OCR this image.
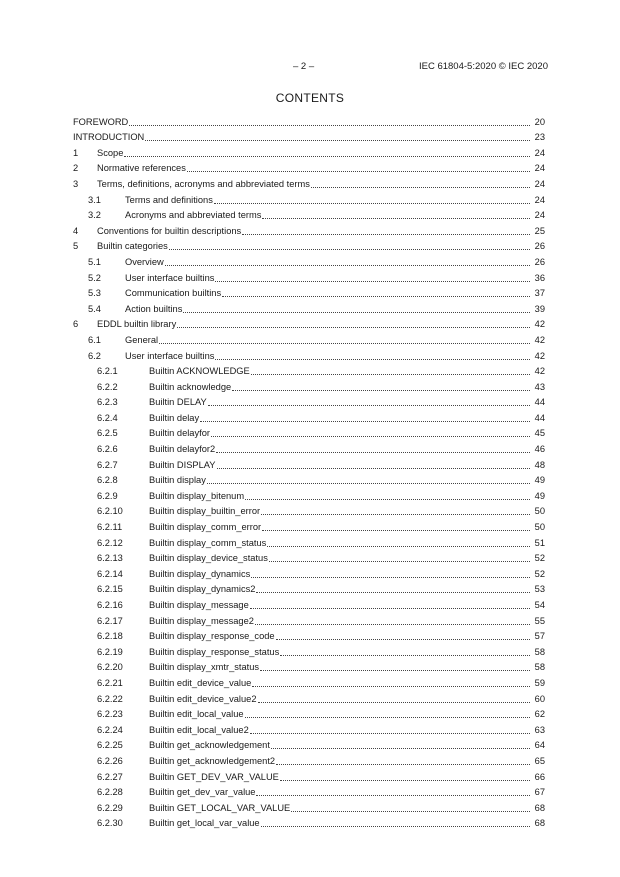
– 2 –	IEC 61804-5:2020 © IEC 2020
CONTENTS
FOREWORD	20
INTRODUCTION	23
1	Scope	24
2	Normative references	24
3	Terms, definitions, acronyms and abbreviated terms	24
3.1	Terms and definitions	24
3.2	Acronyms and abbreviated terms	24
4	Conventions for builtin descriptions	25
5	Builtin categories	26
5.1	Overview	26
5.2	User interface builtins	36
5.3	Communication builtins	37
5.4	Action builtins	39
6	EDDL builtin library	42
6.1	General	42
6.2	User interface builtins	42
6.2.1	Builtin ACKNOWLEDGE	42
6.2.2	Builtin acknowledge	43
6.2.3	Builtin DELAY	44
6.2.4	Builtin delay	44
6.2.5	Builtin delayfor	45
6.2.6	Builtin delayfor2	46
6.2.7	Builtin DISPLAY	48
6.2.8	Builtin display	49
6.2.9	Builtin display_bitenum	49
6.2.10	Builtin display_builtin_error	50
6.2.11	Builtin display_comm_error	50
6.2.12	Builtin display_comm_status	51
6.2.13	Builtin display_device_status	52
6.2.14	Builtin display_dynamics	52
6.2.15	Builtin display_dynamics2	53
6.2.16	Builtin display_message	54
6.2.17	Builtin display_message2	55
6.2.18	Builtin display_response_code	57
6.2.19	Builtin display_response_status	58
6.2.20	Builtin display_xmtr_status	58
6.2.21	Builtin edit_device_value	59
6.2.22	Builtin edit_device_value2	60
6.2.23	Builtin edit_local_value	62
6.2.24	Builtin edit_local_value2	63
6.2.25	Builtin get_acknowledgement	64
6.2.26	Builtin get_acknowledgement2	65
6.2.27	Builtin GET_DEV_VAR_VALUE	66
6.2.28	Builtin get_dev_var_value	67
6.2.29	Builtin GET_LOCAL_VAR_VALUE	68
6.2.30	Builtin get_local_var_value	68
